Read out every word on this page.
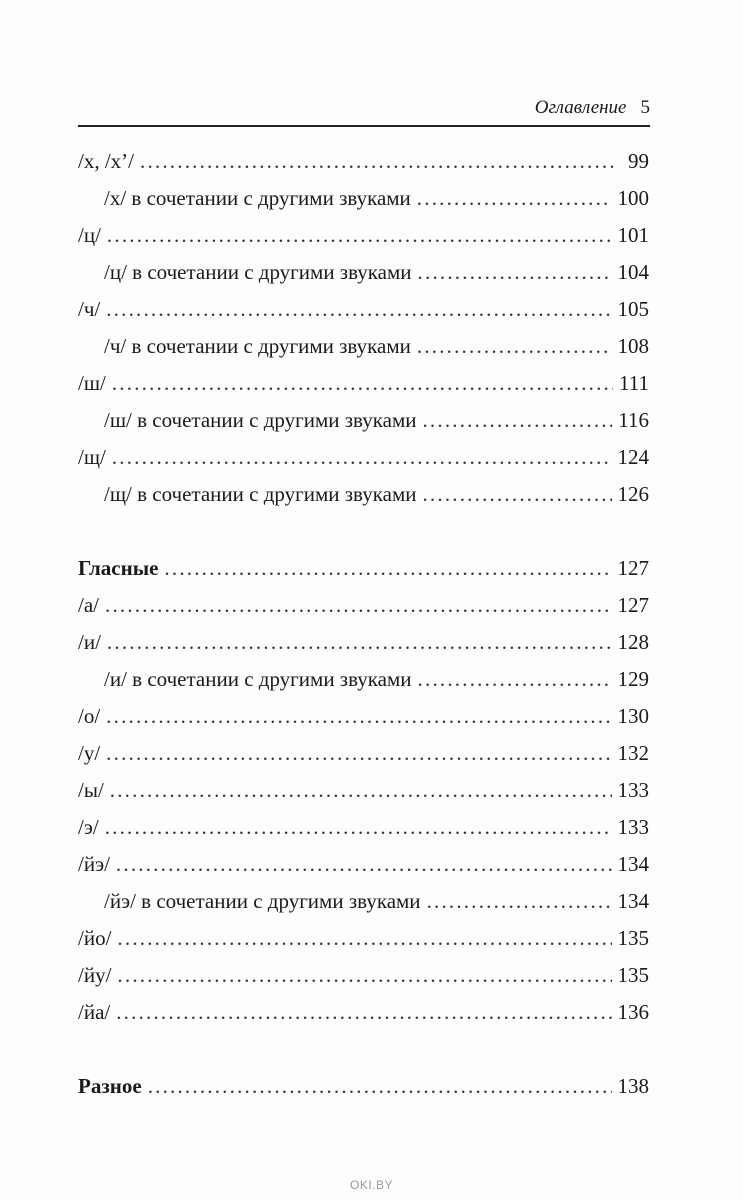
Оглавление 5
/х, /х’/ .....	99
/х/ в сочетании с другими звуками .....	100
/ц/ .....	101
/ц/ в сочетании с другими звуками .....	104
/ч/ .....	105
/ч/ в сочетании с другими звуками .....	108
/ш/ .....	111
/ш/ в сочетании с другими звуками .....	116
/щ/ .....	124
/щ/ в сочетании с другими звуками .....	126
Гласные .....	127
/а/ .....	127
/и/ .....	128
/и/ в сочетании с другими звуками .....	129
/о/ .....	130
/у/ .....	132
/ы/ .....	133
/э/ .....	133
/йэ/ .....	134
/йэ/ в сочетании с другими звуками .....	134
/йо/ .....	135
/йу/ .....	135
/йа/ .....	136
Разное .....	138
OKI.BY
